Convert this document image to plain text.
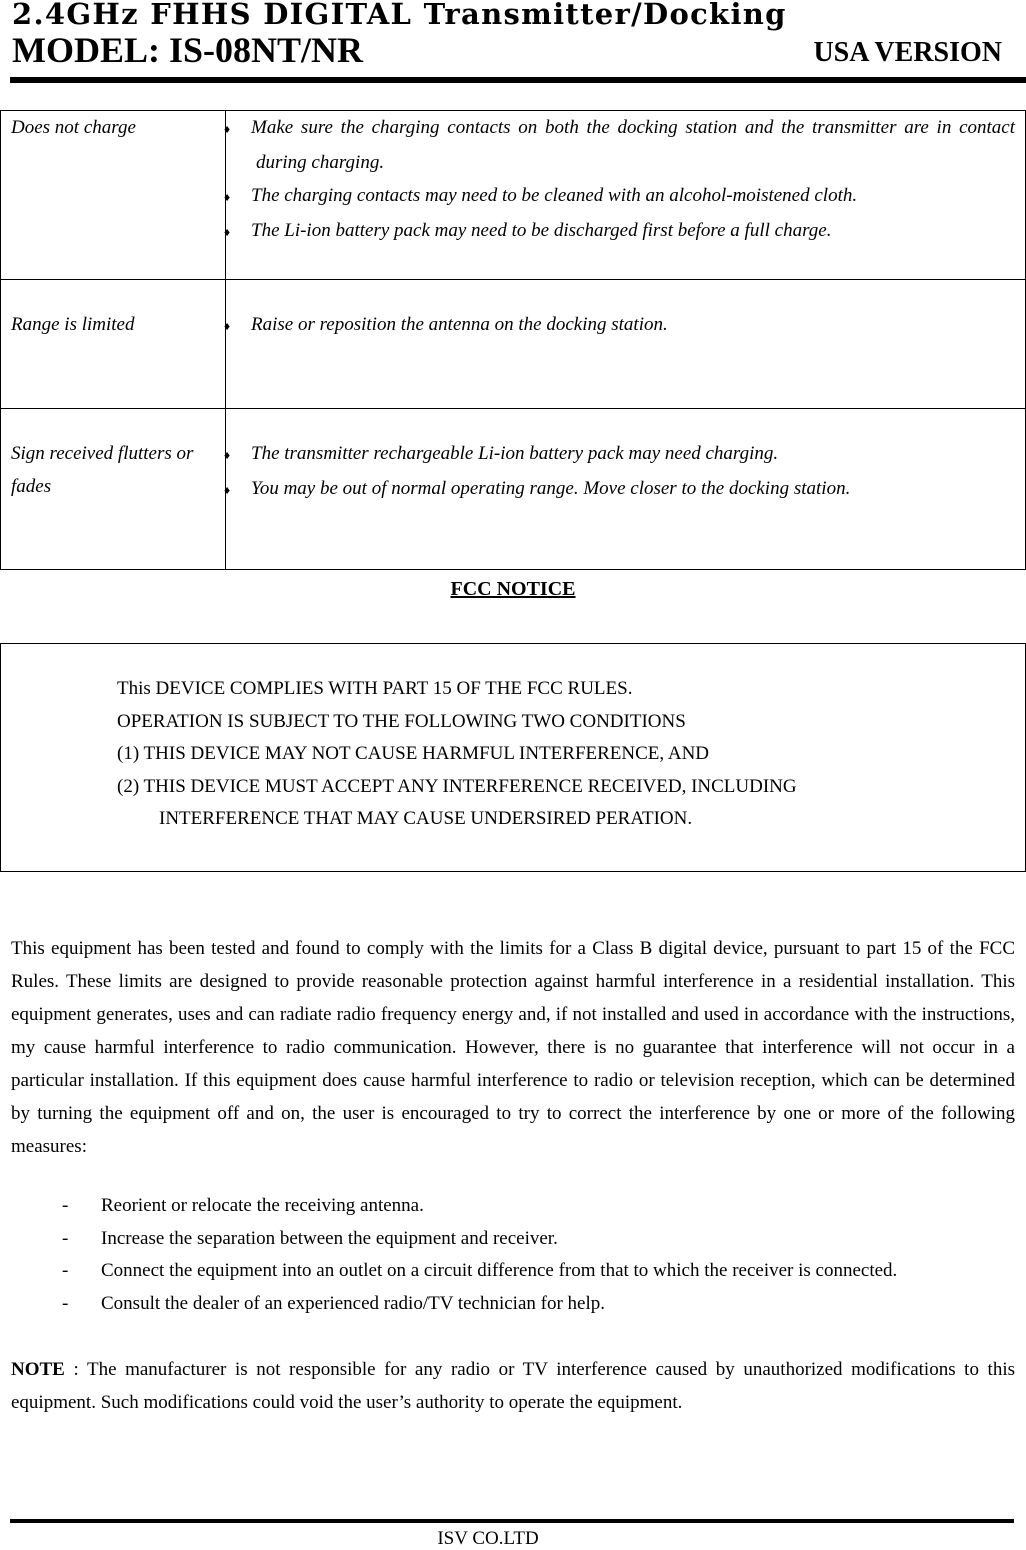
2.4GHz FHHS DIGITAL Transmitter/Docking
MODEL: IS-08NT/NR	USA VERSION
Does not charge	♦ Make sure the charging contacts on both the docking station and the transmitter are in contact during charging.
♦ The charging contacts may need to be cleaned with an alcohol-moistened cloth.
♦ The Li-ion battery pack may need to be discharged first before a full charge.

Range is limited	♦ Raise or reposition the antenna on the docking station.

Sign received flutters or fades	♦ The transmitter rechargeable Li-ion battery pack may need charging.
♦ You may be out of normal operating range. Move closer to the docking station.
FCC NOTICE
This DEVICE COMPLIES WITH PART 15 OF THE FCC RULES.
OPERATION IS SUBJECT TO THE FOLLOWING TWO CONDITIONS
(1) THIS DEVICE MAY NOT CAUSE HARMFUL INTERFERENCE, AND
(2) THIS DEVICE MUST ACCEPT ANY INTERFERENCE RECEIVED, INCLUDING
INTERFERENCE THAT MAY CAUSE UNDERSIRED PERATION.
This equipment has been tested and found to comply with the limits for a Class B digital device, pursuant to part 15 of the FCC Rules. These limits are designed to provide reasonable protection against harmful interference in a residential installation. This equipment generates, uses and can radiate radio frequency energy and, if not installed and used in accordance with the instructions, my cause harmful interference to radio communication. However, there is no guarantee that interference will not occur in a particular installation. If this equipment does cause harmful interference to radio or television reception, which can be determined by turning the equipment off and on, the user is encouraged to try to correct the interference by one or more of the following measures:
-	Reorient or relocate the receiving antenna.
-	Increase the separation between the equipment and receiver.
-	Connect the equipment into an outlet on a circuit difference from that to which the receiver is connected.
-	Consult the dealer of an experienced radio/TV technician for help.
NOTE : The manufacturer is not responsible for any radio or TV interference caused by unauthorized modifications to this equipment. Such modifications could void the user’s authority to operate the equipment.
ISV CO.LTD
